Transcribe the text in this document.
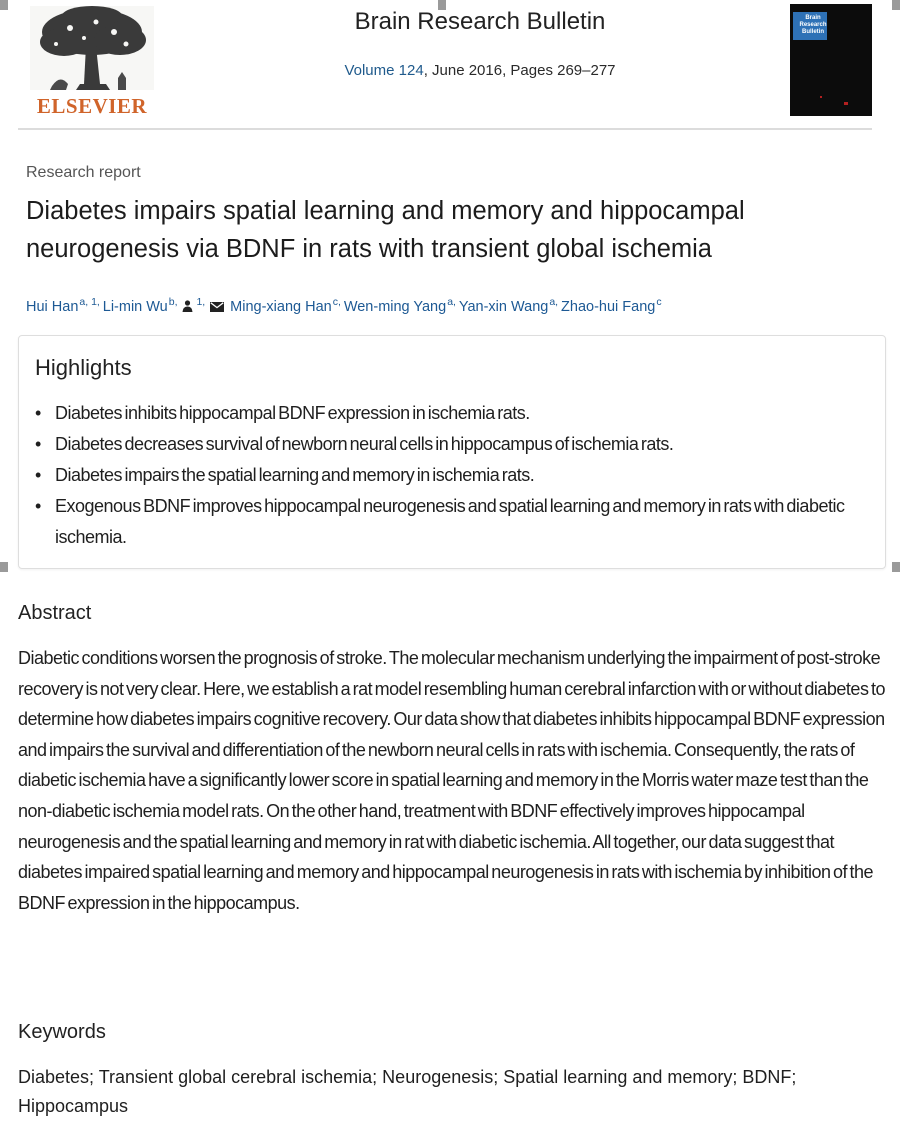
ELSEVIER
Brain Research Bulletin
Volume 124, June 2016, Pages 269–277
Brain Research Bulletin
Research report
Diabetes impairs spatial learning and memory and hippocampal neurogenesis via BDNF in rats with transient global ischemia
Hui Han$^{a, 1,}$ Li-min $Wu^{b,}$ $^{1,}$  Ming-xiang Han$^{c,}$ Wen-ming Yang$^{a,}$ Yan-xin Wang$^{a,}$ Zhao-hui Fang$^c$
Highlights
• Diabetes inhibits hippocampal BDNF expression in ischemia rats.
• Diabetes decreases survival of newborn neural cells in hippocampus of ischemia rats.
• Diabetes impairs the spatial learning and memory in ischemia rats.
• Exogenous BDNF improves hippocampal neurogenesis and spatial learning and memory in rats with diabetic ischemia.
Abstract

Diabetic conditions worsen the prognosis of stroke. The molecular mechanism underlying the impairment of post-stroke recovery is not very clear. Here, we establish a rat model resembling human cerebral infarction with or without diabetes to determine how diabetes impairs cognitive recovery. Our data show that diabetes inhibits hippocampal BDNF expression and impairs the survival and differentiation of the newborn neural cells in rats with ischemia. Consequently, the rats of diabetic ischemia have a significantly lower score in spatial learning and memory in the Morris water maze test than the non-diabetic ischemia model rats. On the other hand, treatment with BDNF effectively improves hippocampal neurogenesis and the spatial learning and memory in rat with diabetic ischemia. All together, our data suggest that diabetes impaired spatial learning and memory and hippocampal neurogenesis in rats with ischemia by inhibition of the BDNF expression in the hippocampus.

Keywords

Diabetes; Transient global cerebral ischemia; Neurogenesis; Spatial learning and memory; BDNF; Hippocampus
